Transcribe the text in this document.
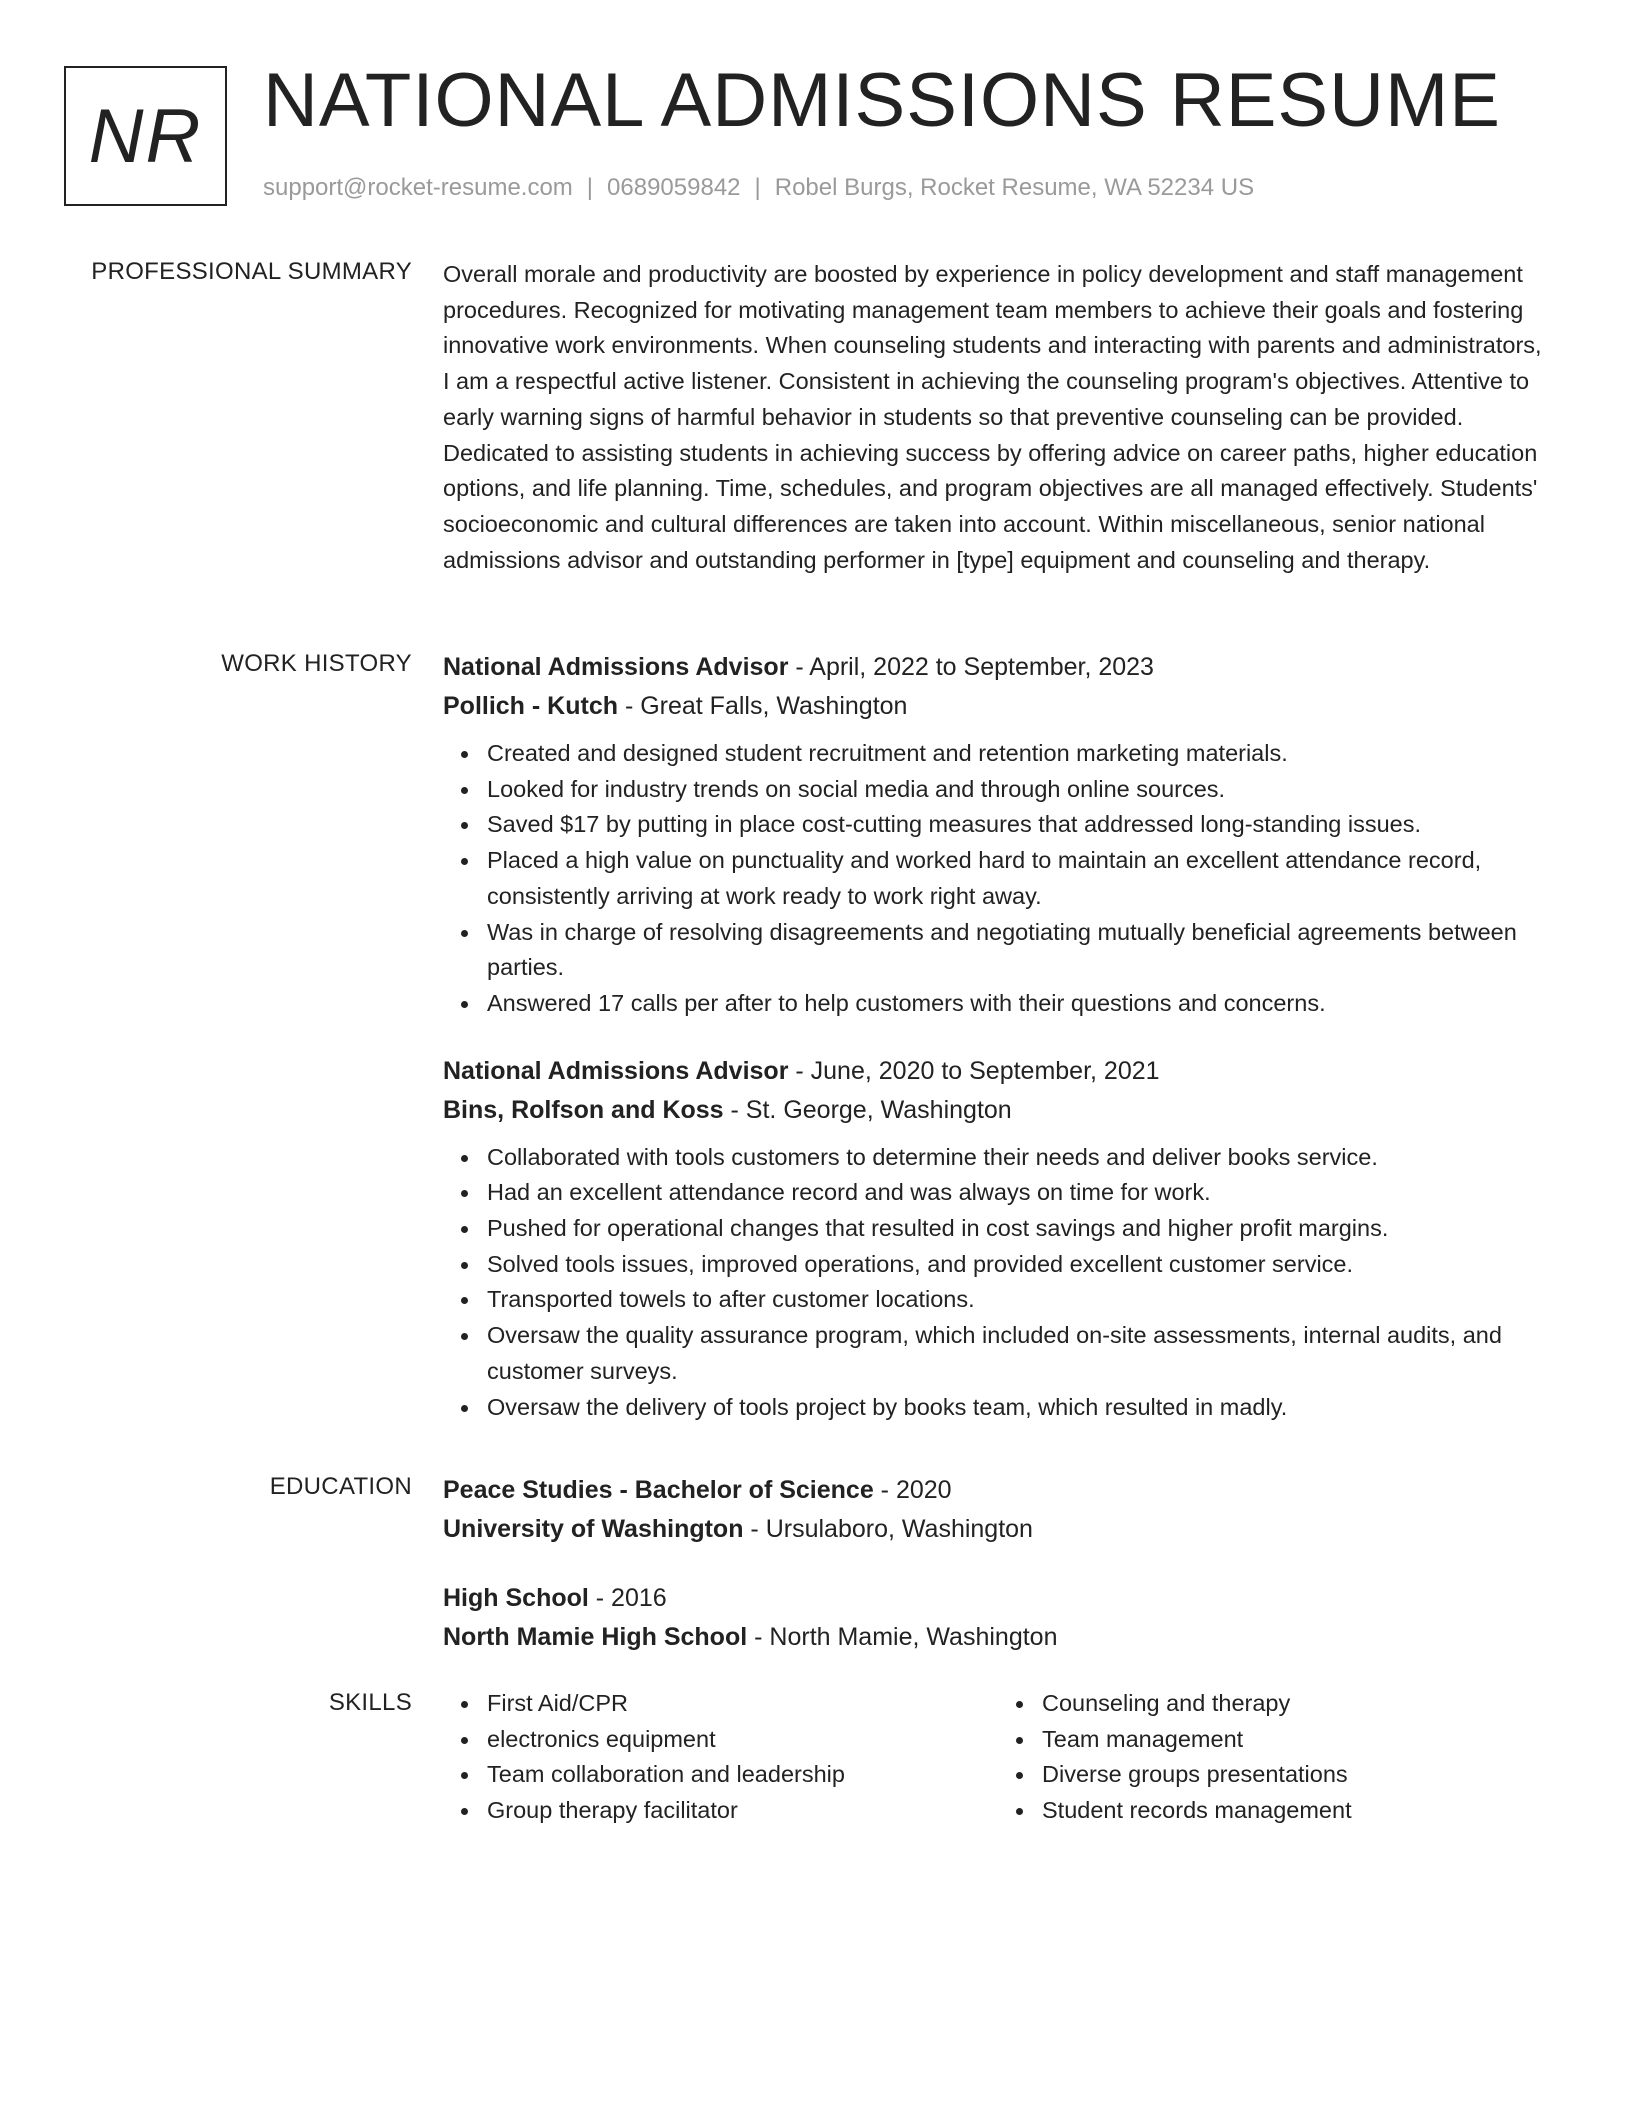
NR NATIONAL ADMISSIONS RESUME
support@rocket-resume.com | 0689059842 | Robel Burgs, Rocket Resume, WA 52234 US
PROFESSIONAL SUMMARY Overall morale and productivity are boosted by experience in policy development and staff management procedures. Recognized for motivating management team members to achieve their goals and fostering innovative work environments. When counseling students and interacting with parents and administrators, I am a respectful active listener. Consistent in achieving the counseling program's objectives. Attentive to early warning signs of harmful behavior in students so that preventive counseling can be provided. Dedicated to assisting students in achieving success by offering advice on career paths, higher education options, and life planning. Time, schedules, and program objectives are all managed effectively. Students' socioeconomic and cultural differences are taken into account. Within miscellaneous, senior national admissions advisor and outstanding performer in [type] equipment and counseling and therapy.

WORK HISTORY National Admissions Advisor - April, 2022 to September, 2023
Pollich - Kutch - Great Falls, Washington
Created and designed student recruitment and retention marketing materials.
Looked for industry trends on social media and through online sources.
Saved $17 by putting in place cost-cutting measures that addressed long-standing issues.
Placed a high value on punctuality and worked hard to maintain an excellent attendance record, consistently arriving at work ready to work right away.
Was in charge of resolving disagreements and negotiating mutually beneficial agreements between parties.
Answered 17 calls per after to help customers with their questions and concerns.
National Admissions Advisor - June, 2020 to September, 2021
Bins, Rolfson and Koss - St. George, Washington
Collaborated with tools customers to determine their needs and deliver books service.
Had an excellent attendance record and was always on time for work.
Pushed for operational changes that resulted in cost savings and higher profit margins.
Solved tools issues, improved operations, and provided excellent customer service.
Transported towels to after customer locations.
Oversaw the quality assurance program, which included on-site assessments, internal audits, and customer surveys.
Oversaw the delivery of tools project by books team, which resulted in madly.
EDUCATION Peace Studies - Bachelor of Science - 2020
University of Washington - Ursulaboro, Washington
High School - 2016
North Mamie High School - North Mamie, Washington
SKILLS	First Aid/CPR
electronics equipment
Team collaboration and leadership
Group therapy facilitator
Counseling and therapy
Team management
Diverse groups presentations
Student records management
